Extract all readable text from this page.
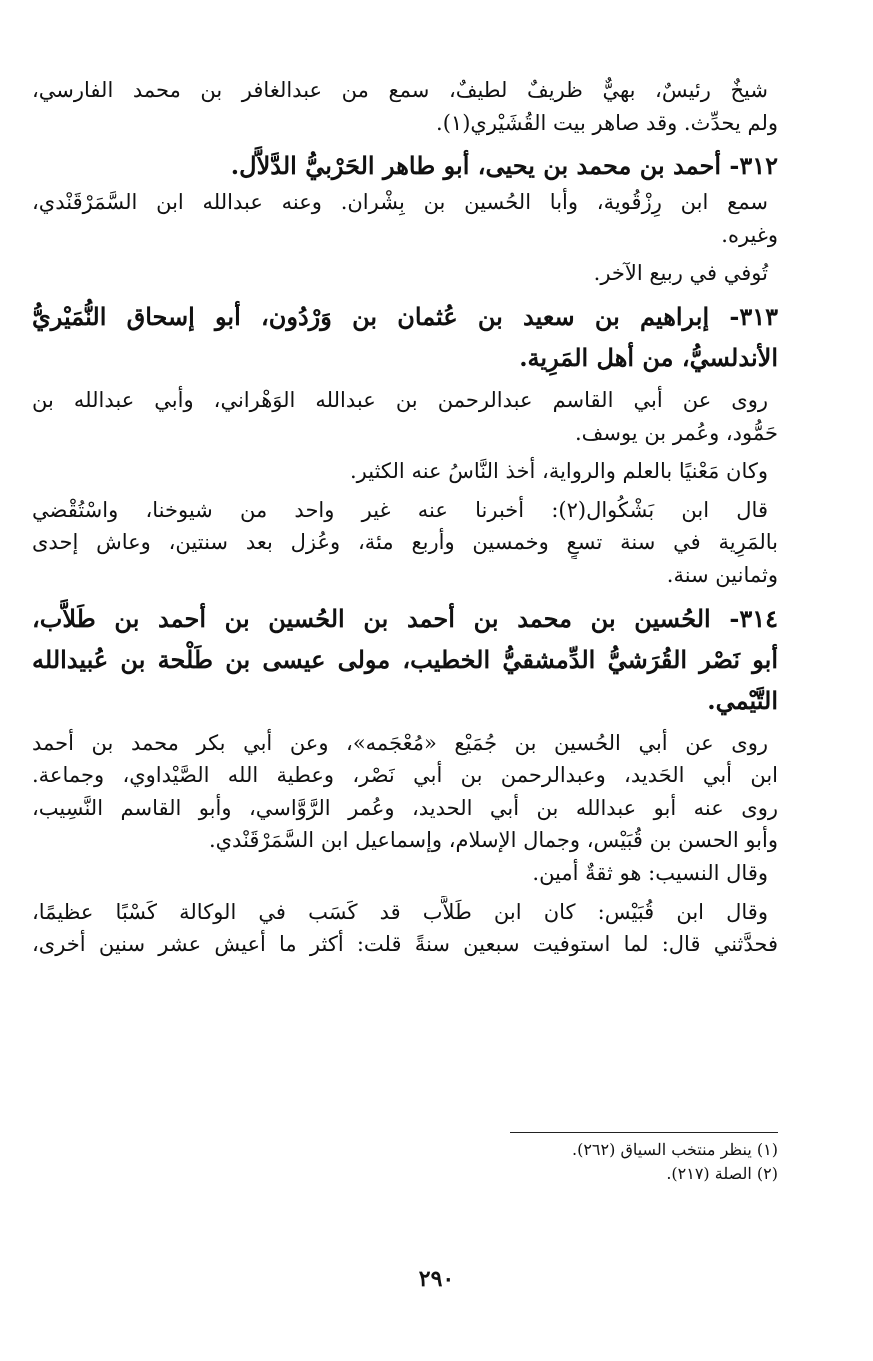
شيخٌ رئيسٌ، بهيٌّ ظريفٌ لطيفٌ، سمع من عبدالغافر بن محمد الفارسي،
ولم يحدِّث. وقد صاهر بيت القُشَيْري(١).
٣١٢- أحمد بن محمد بن يحيى، أبو طاهر الحَرْبيُّ الدَّلاَّل.
سمع ابن رِزْقُوية، وأبا الحُسين بن بِشْران. وعنه عبدالله ابن السَّمَرْقَنْدي،
وغيره.
تُوفي في ربيع الآخر.
٣١٣- إبراهيم بن سعيد بن عُثمان بن وَرْدُون، أبو إسحاق النُّمَيْريُّ
الأندلسيُّ، من أهل المَرِية.
روى عن أبي القاسم عبدالرحمن بن عبدالله الوَهْراني، وأبي عبدالله بن
حَمُّود، وعُمر بن يوسف.
وكان مَعْنيًا بالعلم والرواية، أخذ النَّاسُ عنه الكثير.
قال ابن بَشْكُوال(٢): أخبرنا عنه غير واحد من شيوخنا، واسْتُقْضي
بالمَرِية في سنة تسعٍ وخمسين وأربع مئة، وعُزل بعد سنتين، وعاش إحدى
وثمانين سنة.
٣١٤- الحُسين بن محمد بن أحمد بن الحُسين بن أحمد بن طَلاَّب،
أبو نَصْر القُرَشيُّ الدِّمشقيُّ الخطيب، مولى عيسى بن طَلْحة بن عُبيدالله
التَّيْمي.
روى عن أبي الحُسين بن جُمَيْع «مُعْجَمه»، وعن أبي بكر محمد بن أحمد
ابن أبي الحَديد، وعبدالرحمن بن أبي نَصْر، وعطية الله الصَّيْداوي، وجماعة.
روى عنه أبو عبدالله بن أبي الحديد، وعُمر الرَّوَّاسي، وأبو القاسم النَّسِيب،
وأبو الحسن بن قُبَيْس، وجمال الإسلام، وإسماعيل ابن السَّمَرْقَنْدي.
وقال النسيب: هو ثقةٌ أمين.
وقال ابن قُبَيْس: كان ابن طَلاَّب قد كَسَب في الوكالة كَسْبًا عظيمًا،
فحدَّثني قال: لما استوفيت سبعين سنةً قلت: أكثر ما أعيش عشر سنين أخرى،
(١) ينظر منتخب السياق (٢٦٢).
(٢) الصلة (٢١٧).
٢٩٠
